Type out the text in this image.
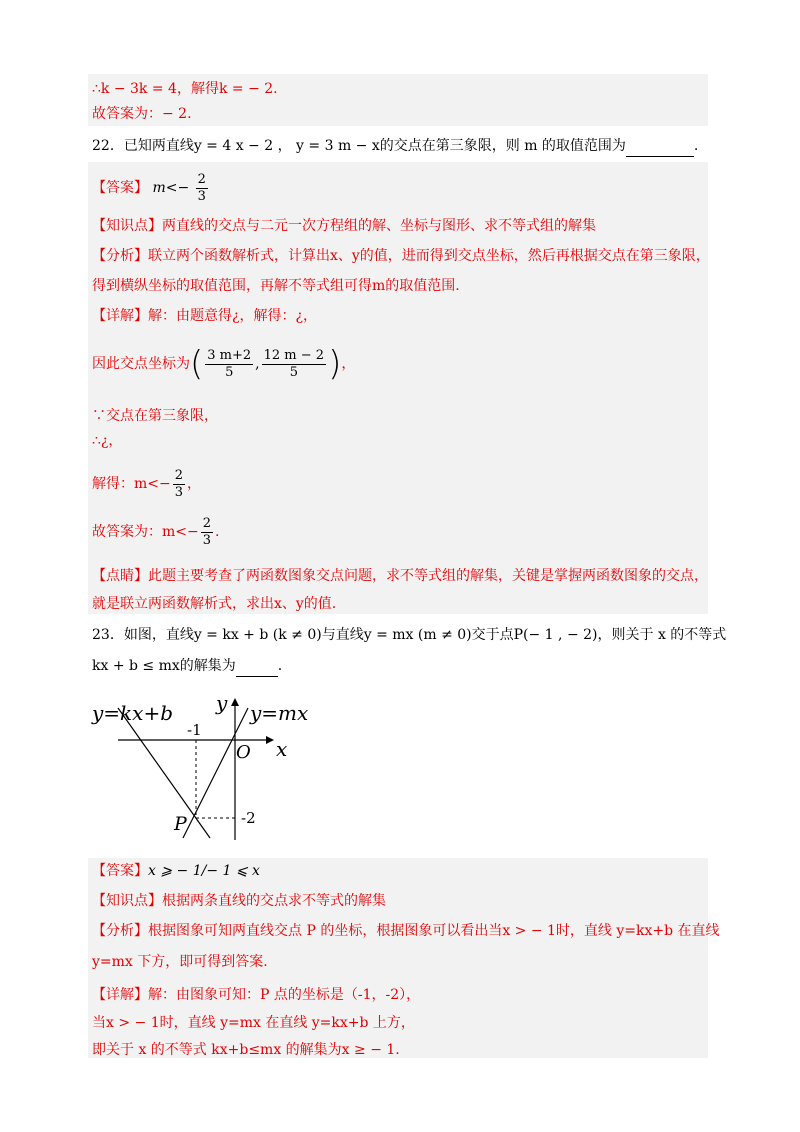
∴k − 3k = 4，解得k = − 2.
故答案为：− 2.
22．已知两直线y = 4 x − 2 ， y = 3 m − x的交点在第三象限，则 m 的取值范围为	.
【答案】 $m<- \frac{2}{3}$
【知识点】两直线的交点与二元一次方程组的解、坐标与图形、求不等式组的解集
【分析】联立两个函数解析式，计算出x、y的值，进而得到交点坐标，然后再根据交点在第三象限，
得到横纵坐标的取值范围，再解不等式组可得m的取值范围.
【详解】解：由题意得¿，解得：¿，
因此交点坐标为( $\frac{3 m+2}{5}$ , $\frac{12 m - 2}{5}$ )，
∵交点在第三象限，
∴¿，
解得：$m<- \frac{2}{3}$ ，
故答案为：$m<- \frac{2}{3}$ .
【点睛】此题主要考查了两函数图象交点问题，求不等式组的解集，关键是掌握两函数图象的交点，
就是联立两函数解析式，求出x、y的值.
23．如图，直线y = kx + b (k ≠ 0)与直线y = mx (m ≠ 0)交于点P(− 1 , − 2)，则关于 x 的不等式
kx + b ≤ mx的解集为	.
y=kx+b	y=mx
y
x
O
-1
-2
P
【答案】x ⩾ − 1/− 1 ⩽ x
【知识点】根据两条直线的交点求不等式的解集
【分析】根据图象可知两直线交点 P 的坐标，根据图象可以看出当x > − 1时，直线 y=kx+b 在直线
y=mx 下方，即可得到答案.
【详解】解：由图象可知：P 点的坐标是（-1，-2），
当x > − 1时，直线 y=mx 在直线 y=kx+b 上方，
即关于 x 的不等式 kx+b≤mx 的解集为x ≥ − 1.
